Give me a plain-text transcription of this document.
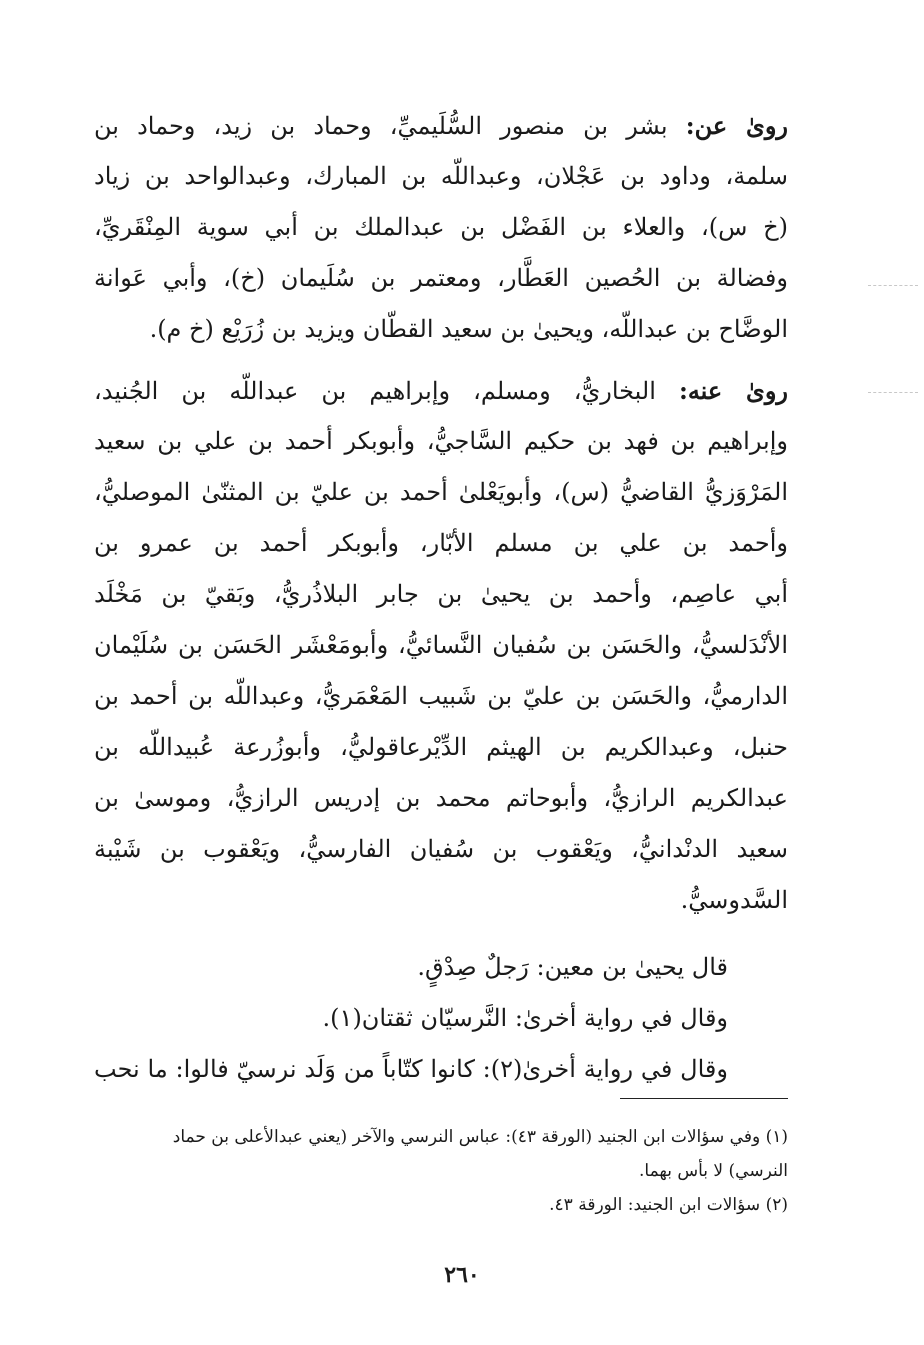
روىٰ عن: بشر بن منصور السُّلَيميِّ، وحماد بن زيد، وحماد بن
سلمة، وداود بن عَجْلان، وعبداللّه بن المبارك، وعبدالواحد بن زياد
(خ س)، والعلاء بن الفَضْل بن عبدالملك بن أبي سوية المِنْقَريِّ،
وفضالة بن الحُصين العَطَّار، ومعتمر بن سُلَيمان (خ)، وأبي عَوانة
الوضَّاح بن عبداللّه، ويحيىٰ بن سعيد القطّان ويزيد بن زُرَيْع (خ م).
روىٰ عنه: البخاريُّ، ومسلم، وإبراهيم بن عبداللّه بن الجُنيد،
وإبراهيم بن فهد بن حكيم السَّاجيُّ، وأبوبكر أحمد بن علي بن سعيد
المَرْوَزيُّ القاضيُّ (س)، وأبويَعْلىٰ أحمد بن عليّ بن المثنّىٰ الموصليُّ،
وأحمد بن علي بن مسلم الأبّار، وأبوبكر أحمد بن عمرو بن
أبي عاصِم، وأحمد بن يحيىٰ بن جابر البلاذُريُّ، وبَقيّ بن مَخْلَد
الأنْدَلسيُّ، والحَسَن بن سُفيان النَّسائيُّ، وأبومَعْشَر الحَسَن بن سُلَيْمان
الدارميُّ، والحَسَن بن عليّ بن شَبيب المَعْمَريُّ، وعبداللّه بن أحمد بن
حنبل، وعبدالكريم بن الهيثم الدِّيْرعاقوليُّ، وأبوزُرعة عُبيداللّه بن
عبدالكريم الرازيُّ، وأبوحاتم محمد بن إدريس الرازيُّ، وموسىٰ بن
سعيد الدنْدانيُّ، ويَعْقوب بن سُفيان الفارسيُّ، ويَعْقوب بن شَيْبة
السَّدوسيُّ.
قال يحيىٰ بن معين: رَجلٌ صِدْقٍ.
وقال في رواية أخرىٰ: النَّرسيّان ثقتان(١).
وقال في رواية أخرىٰ(٢): كانوا كتّاباً من وَلَد نرسيّ فالوا: ما نحب
(١) وفي سؤالات ابن الجنيد (الورقة ٤٣): عباس النرسي والآخر (يعني عبدالأعلى بن حماد
النرسي) لا بأس بهما.
(٢) سؤالات ابن الجنيد: الورقة ٤٣.
٢٦٠
